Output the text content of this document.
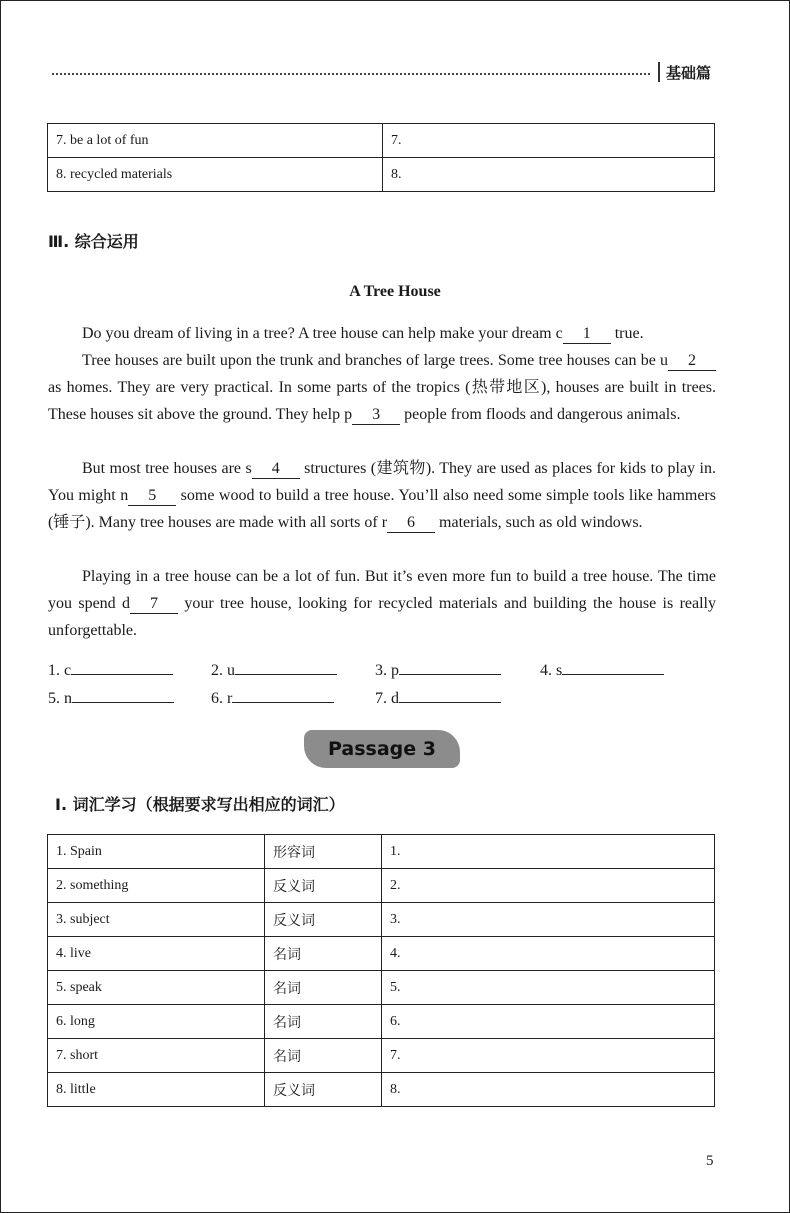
基础篇
7. be a lot of fun	7.
8. recycled materials	8.
Ⅲ. 综合运用
A Tree House

Do you dream of living in a tree? A tree house can help make your dream c 1 true.

Tree houses are built upon the trunk and branches of large trees. Some tree houses can be u 2 as homes. They are very practical. In some parts of the tropics (热带地区), houses are built in trees. These houses sit above the ground. They help p 3 people from floods and dangerous animals.

But most tree houses are s 4 structures (建筑物). They are used as places for kids to play in. You might n 5 some wood to build a tree house. You’ll also need some simple tools like hammers (锤子). Many tree houses are made with all sorts of r 6 materials, such as old windows.

Playing in a tree house can be a lot of fun. But it’s even more fun to build a tree house. The time you spend d 7 your tree house, looking for recycled materials and building the house is really unforgettable.

1. c	2. u	3. p	4. s
5. n	6. r	7. d
Passage 3
Ⅰ. 词汇学习（根据要求写出相应的词汇）
1. Spain	形容词	1.
2. something	反义词	2.
3. subject	反义词	3.
4. live	名词	4.
5. speak	名词	5.
6. long	名词	6.
7. short	名词	7.
8. little	反义词	8.
5
